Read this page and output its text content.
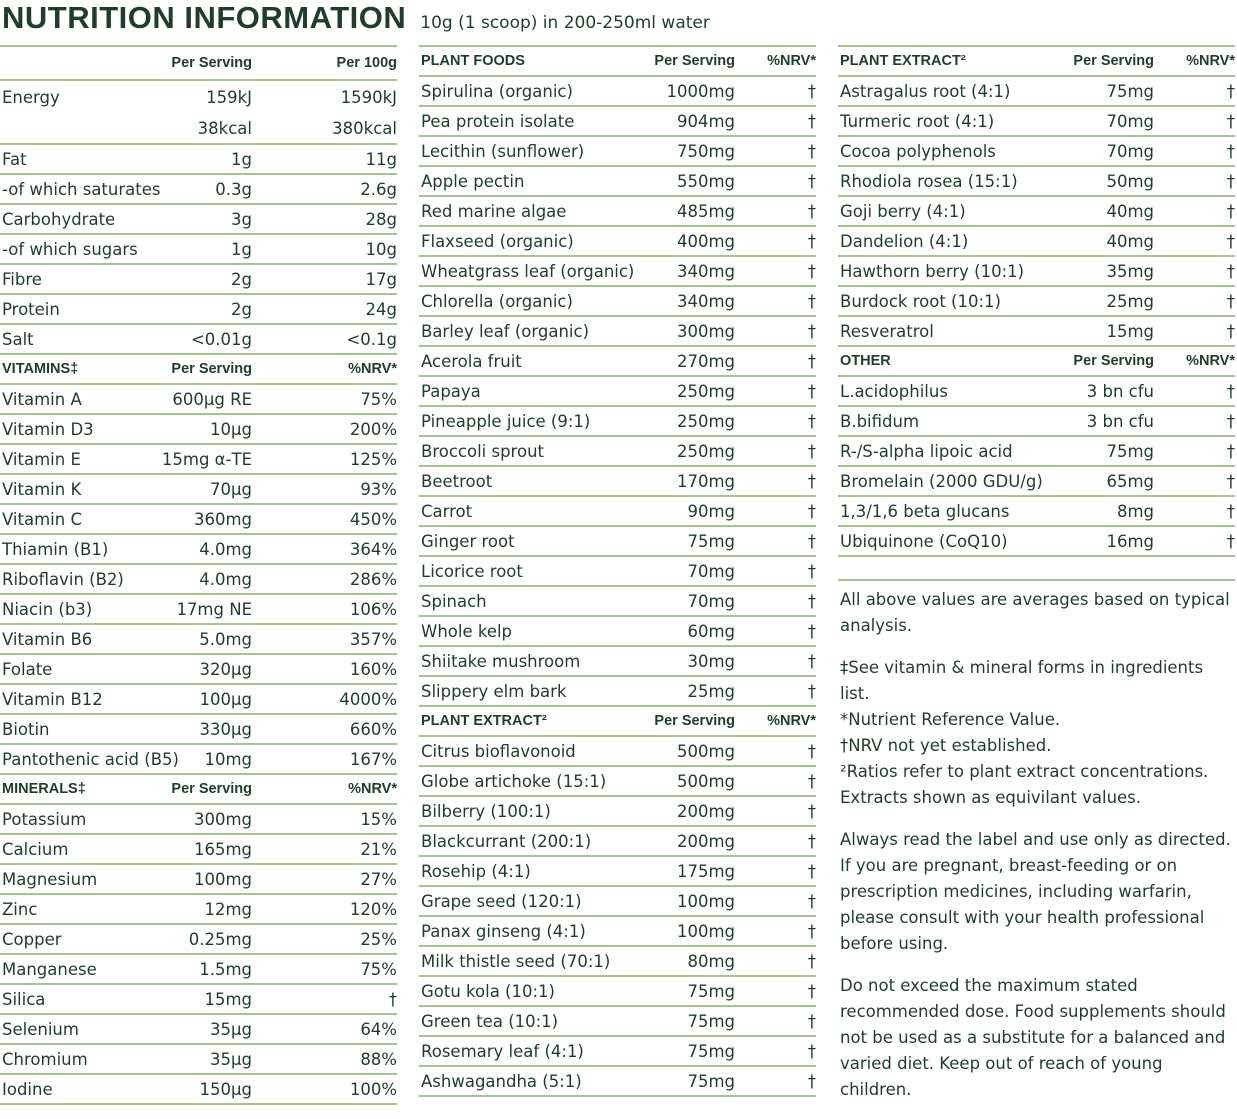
NUTRITION INFORMATION 10g (1 scoop) in 200-250ml water
Per Serving	Per 100g
Energy	159kJ	1590kJ
38kcal	380kcal
Fat	1g	11g
-of which saturates	0.3g	2.6g
Carbohydrate	3g	28g
-of which sugars	1g	10g
Fibre	2g	17g
Protein	2g	24g
Salt	<0.01g	<0.1g
VITAMINS‡	Per Serving	%NRV*
Vitamin A	600µg RE	75%
Vitamin D3	10µg	200%
Vitamin E	15mg α-TE	125%
Vitamin K	70µg	93%
Vitamin C	360mg	450%
Thiamin (B1)	4.0mg	364%
Riboflavin (B2)	4.0mg	286%
Niacin (b3)	17mg NE	106%
Vitamin B6	5.0mg	357%
Folate	320µg	160%
Vitamin B12	100µg	4000%
Biotin	330µg	660%
Pantothenic acid (B5)	10mg	167%
MINERALS‡	Per Serving	%NRV*
Potassium	300mg	15%
Calcium	165mg	21%
Magnesium	100mg	27%
Zinc	12mg	120%
Copper	0.25mg	25%
Manganese	1.5mg	75%
Silica	15mg	†
Selenium	35µg	64%
Chromium	35µg	88%
Iodine	150µg	100%
PLANT FOODS	Per Serving	%NRV*
Spirulina (organic)	1000mg	†
Pea protein isolate	904mg	†
Lecithin (sunflower)	750mg	†
Apple pectin	550mg	†
Red marine algae	485mg	†
Flaxseed (organic)	400mg	†
Wheatgrass leaf (organic)	340mg	†
Chlorella (organic)	340mg	†
Barley leaf (organic)	300mg	†
Acerola fruit	270mg	†
Papaya	250mg	†
Pineapple juice (9:1)	250mg	†
Broccoli sprout	250mg	†
Beetroot	170mg	†
Carrot	90mg	†
Ginger root	75mg	†
Licorice root	70mg	†
Spinach	70mg	†
Whole kelp	60mg	†
Shiitake mushroom	30mg	†
Slippery elm bark	25mg	†
PLANT EXTRACT²	Per Serving	%NRV*
Citrus bioflavonoid	500mg	†
Globe artichoke (15:1)	500mg	†
Bilberry (100:1)	200mg	†
Blackcurrant (200:1)	200mg	†
Rosehip (4:1)	175mg	†
Grape seed (120:1)	100mg	†
Panax ginseng (4:1)	100mg	†
Milk thistle seed (70:1)	80mg	†
Gotu kola (10:1)	75mg	†
Green tea (10:1)	75mg	†
Rosemary leaf (4:1)	75mg	†
Ashwagandha (5:1)	75mg	†
PLANT EXTRACT²	Per Serving	%NRV*
Astragalus root (4:1)	75mg	†
Turmeric root (4:1)	70mg	†
Cocoa polyphenols	70mg	†
Rhodiola rosea (15:1)	50mg	†
Goji berry (4:1)	40mg	†
Dandelion (4:1)	40mg	†
Hawthorn berry (10:1)	35mg	†
Burdock root (10:1)	25mg	†
Resveratrol	15mg	†
OTHER	Per Serving	%NRV*
L.acidophilus	3 bn cfu	†
B.bifidum	3 bn cfu	†
R-/S-alpha lipoic acid	75mg	†
Bromelain (2000 GDU/g)	65mg	†
1,3/1,6 beta glucans	8mg	†
Ubiquinone (CoQ10)	16mg	†

All above values are averages based on typical analysis.

‡See vitamin & mineral forms in ingredients list.

*Nutrient Reference Value.

†NRV not yet established.

²Ratios refer to plant extract concentrations. Extracts shown as equivilant values.

Always read the label and use only as directed. If you are pregnant, breast-feeding or on prescription medicines, including warfarin, please consult with your health professional before using.

Do not exceed the maximum stated recommended dose. Food supplements should not be used as a substitute for a balanced and varied diet. Keep out of reach of young children.
